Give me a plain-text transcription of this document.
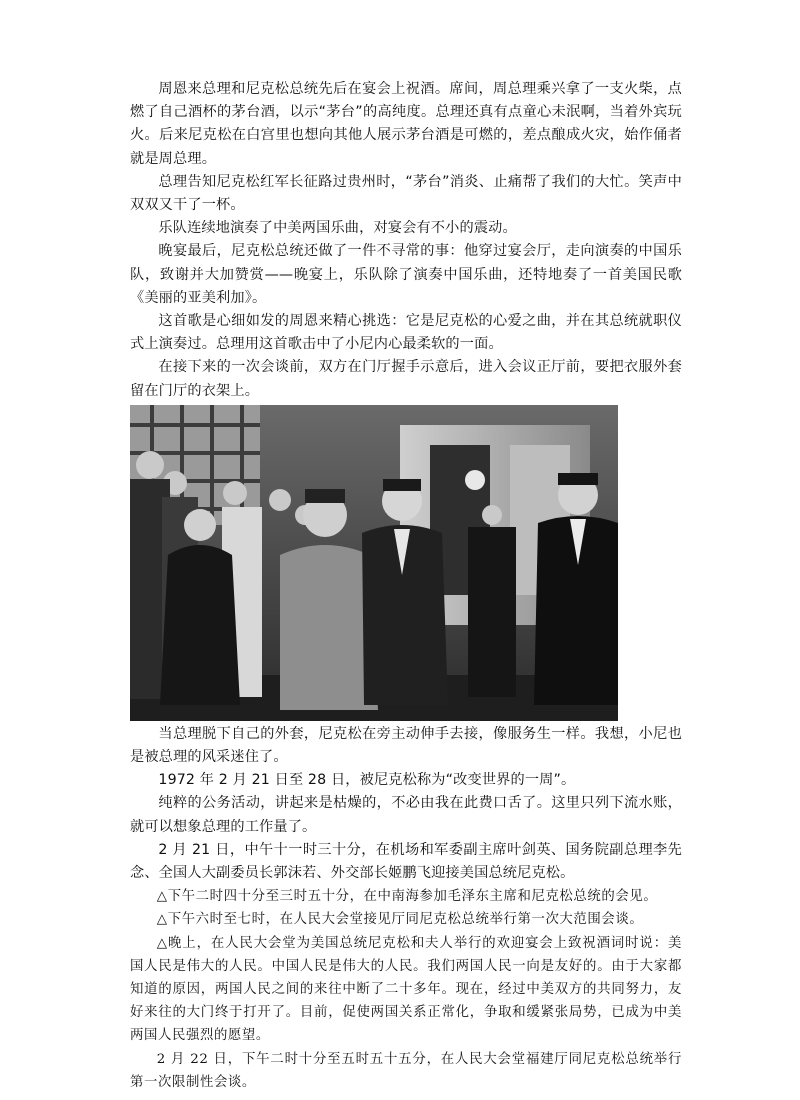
周恩来总理和尼克松总统先后在宴会上祝酒。席间，周总理乘兴拿了一支火柴，点燃了自己酒杯的茅台酒，以示“茅台”的高纯度。总理还真有点童心未泯啊，当着外宾玩火。后来尼克松在白宫里也想向其他人展示茅台酒是可燃的，差点酿成火灾，始作俑者就是周总理。

总理告知尼克松红军长征路过贵州时，“茅台”消炎、止痛帮了我们的大忙。笑声中双双又干了一杯。

乐队连续地演奏了中美两国乐曲，对宴会有不小的震动。

晚宴最后，尼克松总统还做了一件不寻常的事：他穿过宴会厅，走向演奏的中国乐队，致谢并大加赞赏——晚宴上，乐队除了演奏中国乐曲，还特地奏了一首美国民歌《美丽的亚美利加》。

这首歌是心细如发的周恩来精心挑选：它是尼克松的心爱之曲，并在其总统就职仪式上演奏过。总理用这首歌击中了小尼内心最柔软的一面。

在接下来的一次会谈前，双方在门厅握手示意后，进入会议正厅前，要把衣服外套留在门厅的衣架上。

当总理脱下自己的外套，尼克松在旁主动伸手去接，像服务生一样。我想，小尼也是被总理的风采迷住了。

1972 年 2 月 21 日至 28 日，被尼克松称为“改变世界的一周”。

纯粹的公务活动，讲起来是枯燥的，不必由我在此费口舌了。这里只列下流水账，就可以想象总理的工作量了。

2 月 21 日，中午十一时三十分，在机场和军委副主席叶剑英、国务院副总理李先念、全国人大副委员长郭沫若、外交部长姬鹏飞迎接美国总统尼克松。

△下午二时四十分至三时五十分，在中南海参加毛泽东主席和尼克松总统的会见。

△下午六时至七时，在人民大会堂接见厅同尼克松总统举行第一次大范围会谈。

△晚上，在人民大会堂为美国总统尼克松和夫人举行的欢迎宴会上致祝酒词时说：美国人民是伟大的人民。中国人民是伟大的人民。我们两国人民一向是友好的。由于大家都知道的原因，两国人民之间的来往中断了二十多年。现在，经过中美双方的共同努力，友好来往的大门终于打开了。目前，促使两国关系正常化，争取和缓紧张局势，已成为中美两国人民强烈的愿望。

2 月 22 日，下午二时十分至五时五十五分，在人民大会堂福建厅同尼克松总统举行第一次限制性会谈。
